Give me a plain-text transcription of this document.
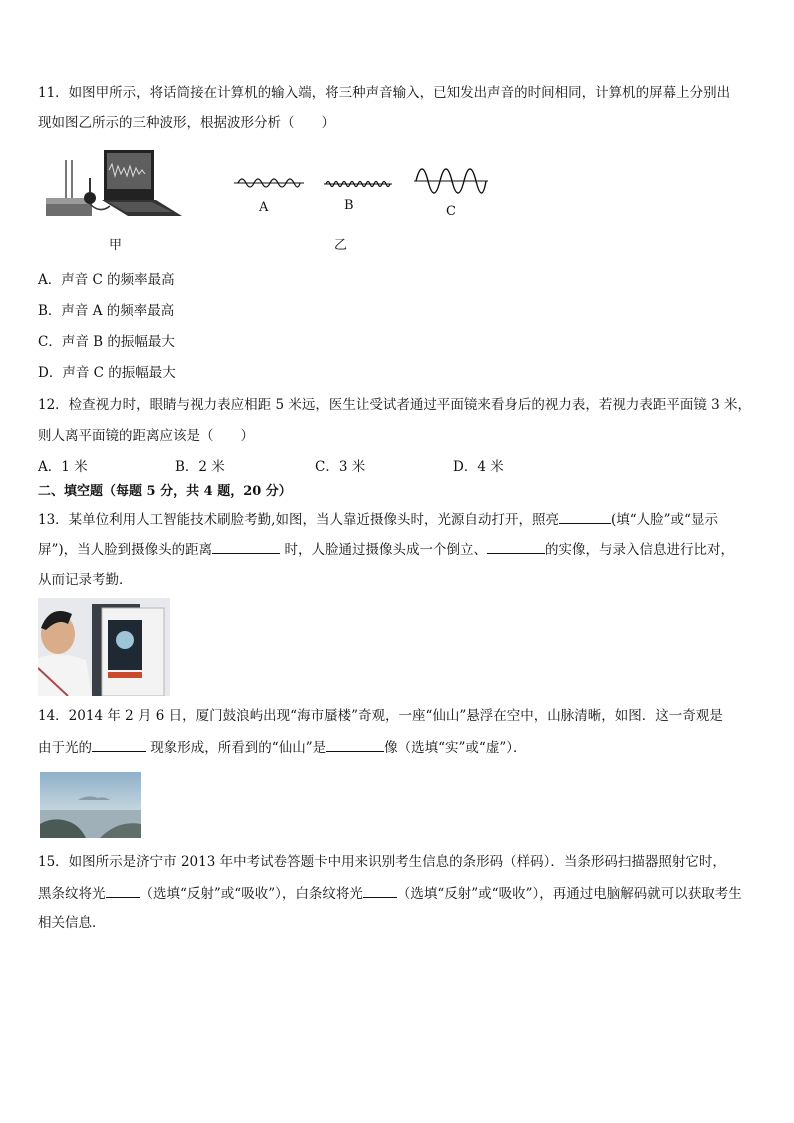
11．如图甲所示，将话筒接在计算机的输入端，将三种声音输入，已知发出声音的时间相同，计算机的屏幕上分别出
现如图乙所示的三种波形，根据波形分析（　　）
甲
A	B	C
乙
A．声音 C 的频率最高
B．声音 A 的频率最高
C．声音 B 的振幅最大
D．声音 C 的振幅最大
12．检查视力时，眼睛与视力表应相距 5 米远，医生让受试者通过平面镜来看身后的视力表，若视力表距平面镜 3 米，
则人离平面镜的距离应该是（　　）
A．1 米	B．2 米	C．3 米	D．4 米
二、填空题（每题 5 分，共 4 题，20 分）
13．某单位利用人工智能技术刷脸考勤,如图，当人靠近摄像头时，光源自动打开，照亮	(填“人脸”或“显示
屏”)，当人脸到摄像头的距离	时，人脸通过摄像头成一个倒立、	的实像，与录入信息进行比对，
从而记录考勤．
14．2014 年 2 月 6 日，厦门鼓浪屿出现“海市蜃楼”奇观，一座“仙山”悬浮在空中，山脉清晰，如图．这一奇观是
由于光的	现象形成，所看到的“仙山”是	像（选填“实”或“虚”）．
15．如图所示是济宁市 2013 年中考试卷答题卡中用来识别考生信息的条形码（样码）．当条形码扫描器照射它时，
黑条纹将光	（选填“反射”或“吸收”），白条纹将光	（选填“反射”或“吸收”），再通过电脑解码就可以获取考生
相关信息．
